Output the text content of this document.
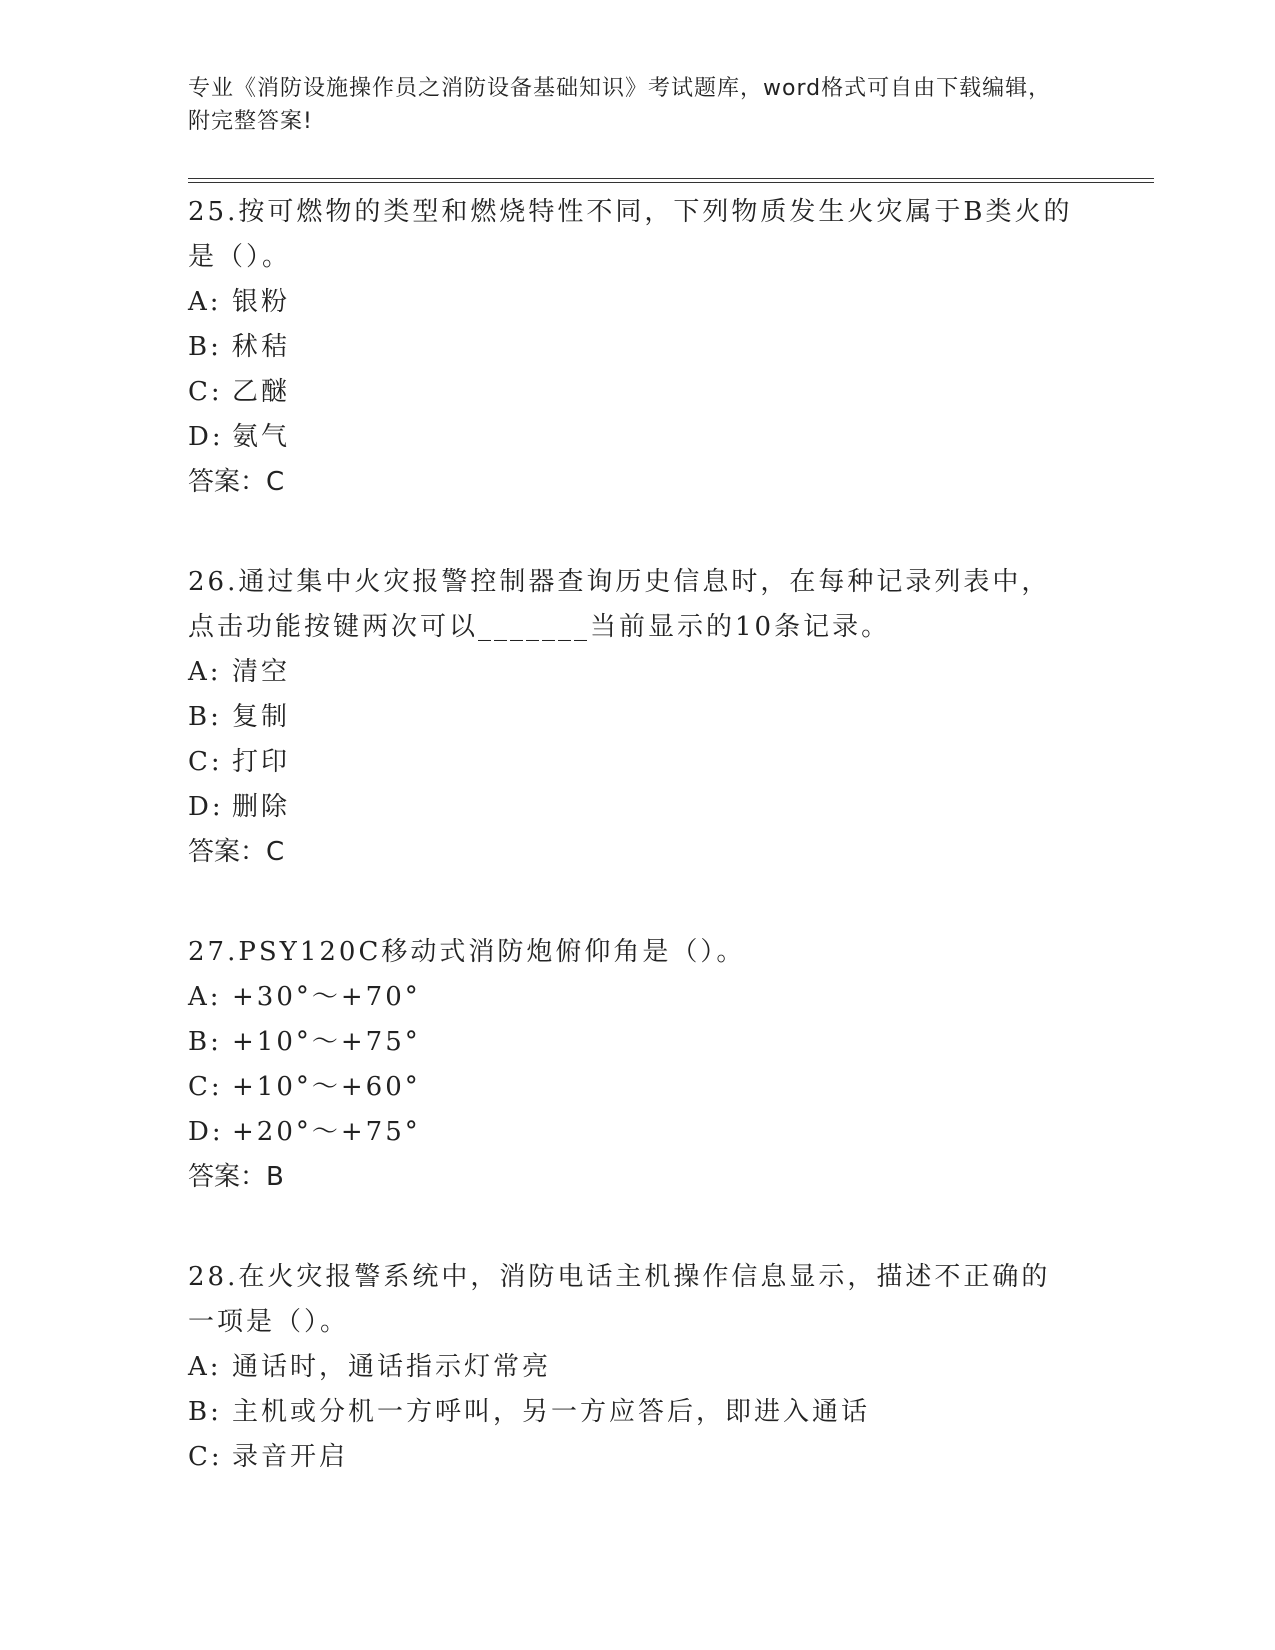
专业《消防设施操作员之消防设备基础知识》考试题库，word格式可自由下载编辑，附完整答案!

25.按可燃物的类型和燃烧特性不同，下列物质发生火灾属于B类火的是（）。

A: 银粉

B: 秫秸

C: 乙醚

D: 氨气

答案：C

26.通过集中火灾报警控制器查询历史信息时，在每种记录列表中，点击功能按键两次可以_______当前显示的10条记录。

A: 清空

B: 复制

C: 打印

D: 删除

答案：C

27.PSY120C移动式消防炮俯仰角是（）。

A: +30°～+70°

B: +10°～+75°

C: +10°～+60°

D: +20°～+75°

答案：B

28.在火灾报警系统中，消防电话主机操作信息显示，描述不正确的一项是（）。

A: 通话时，通话指示灯常亮

B: 主机或分机一方呼叫，另一方应答后，即进入通话

C: 录音开启
